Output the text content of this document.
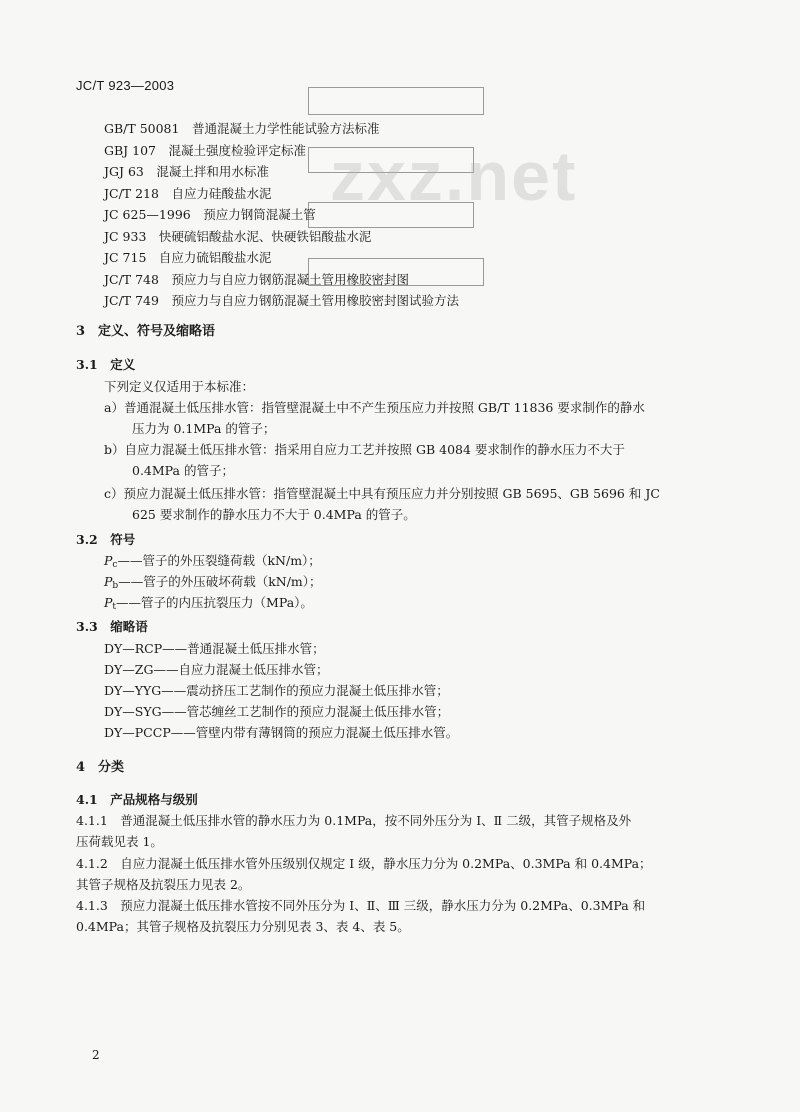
JC/T 923—2003
zxz.net
GB/T 50081　普通混凝土力学性能试验方法标准
GBJ 107　混凝土强度检验评定标准
JGJ 63　混凝土拌和用水标准
JC/T 218　自应力硅酸盐水泥
JC 625—1996　预应力钢筒混凝土管
JC 933　快硬硫铝酸盐水泥、快硬铁铝酸盐水泥
JC 715　自应力硫铝酸盐水泥
JC/T 748　预应力与自应力钢筋混凝土管用橡胶密封图
JC/T 749　预应力与自应力钢筋混凝土管用橡胶密封图试验方法
3　定义、符号及缩略语
3.1　定义
下列定义仅适用于本标准：
a）普通混凝土低压排水管：指管壁混凝土中不产生预压应力并按照 GB/T 11836 要求制作的静水
压力为 0.1MPa 的管子；
b）自应力混凝土低压排水管：指采用自应力工艺并按照 GB 4084 要求制作的静水压力不大于
0.4MPa 的管子；
c）预应力混凝土低压排水管：指管壁混凝土中具有预压应力并分别按照 GB 5695、GB 5696 和 JC
625 要求制作的静水压力不大于 0.4MPa 的管子。
3.2　符号
$P_c——$管子的外压裂缝荷载（kN/m）；
$P_b——$管子的外压破坏荷载（kN/m）；
$P_t——$管子的内压抗裂压力（MPa）。
3.3　缩略语
DY—RCP——普通混凝土低压排水管；
DY—ZG——自应力混凝土低压排水管；
DY—YYG——震动挤压工艺制作的预应力混凝土低压排水管；
DY—SYG——管芯缠丝工艺制作的预应力混凝土低压排水管；
DY—PCCP——管壁内带有薄钢筒的预应力混凝土低压排水管。
4　分类
4.1　产品规格与级别
4.1.1　普通混凝土低压排水管的静水压力为 0.1MPa，按不同外压分为 Ⅰ、Ⅱ 二级，其管子规格及外
压荷载见表 1。
4.1.2　自应力混凝土低压排水管外压级别仅规定 Ⅰ 级，静水压力分为 0.2MPa、0.3MPa 和 0.4MPa；
其管子规格及抗裂压力见表 2。
4.1.3　预应力混凝土低压排水管按不同外压分为 Ⅰ、Ⅱ、Ⅲ 三级，静水压力分为 0.2MPa、0.3MPa 和
0.4MPa；其管子规格及抗裂压力分别见表 3、表 4、表 5。
2
